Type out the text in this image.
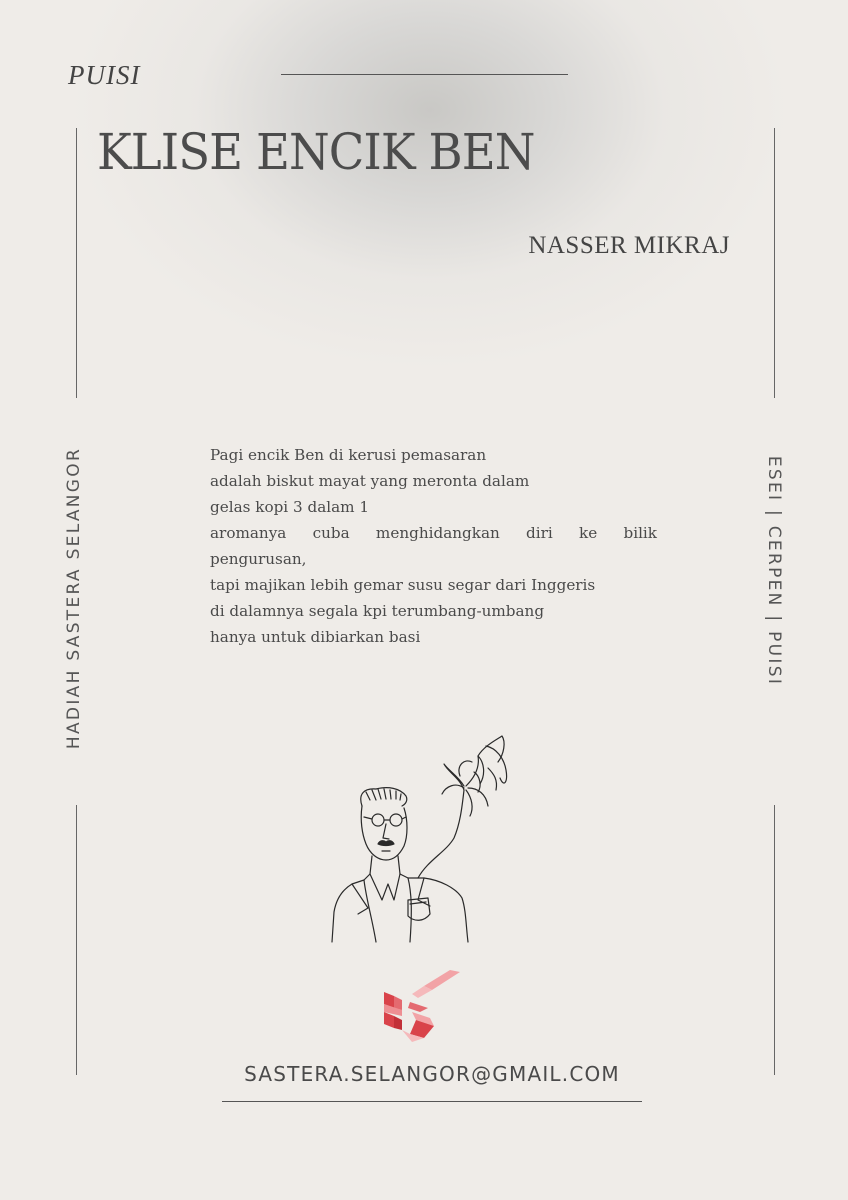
PUISI
KLISE ENCIK BEN
NASSER MIKRAJ
HADIAH SASTERA SELANGOR	ESEI | CERPEN | PUISI
Pagi encik Ben di kerusi pemasaran
adalah biskut mayat yang meronta dalam
gelas kopi 3 dalam 1
aromanya cuba menghidangkan diri ke bilik
pengurusan,
tapi majikan lebih gemar susu segar dari Inggeris
di dalamnya segala kpi terumbang-umbang
hanya untuk dibiarkan basi
SASTERA.SELANGOR@GMAIL.COM
